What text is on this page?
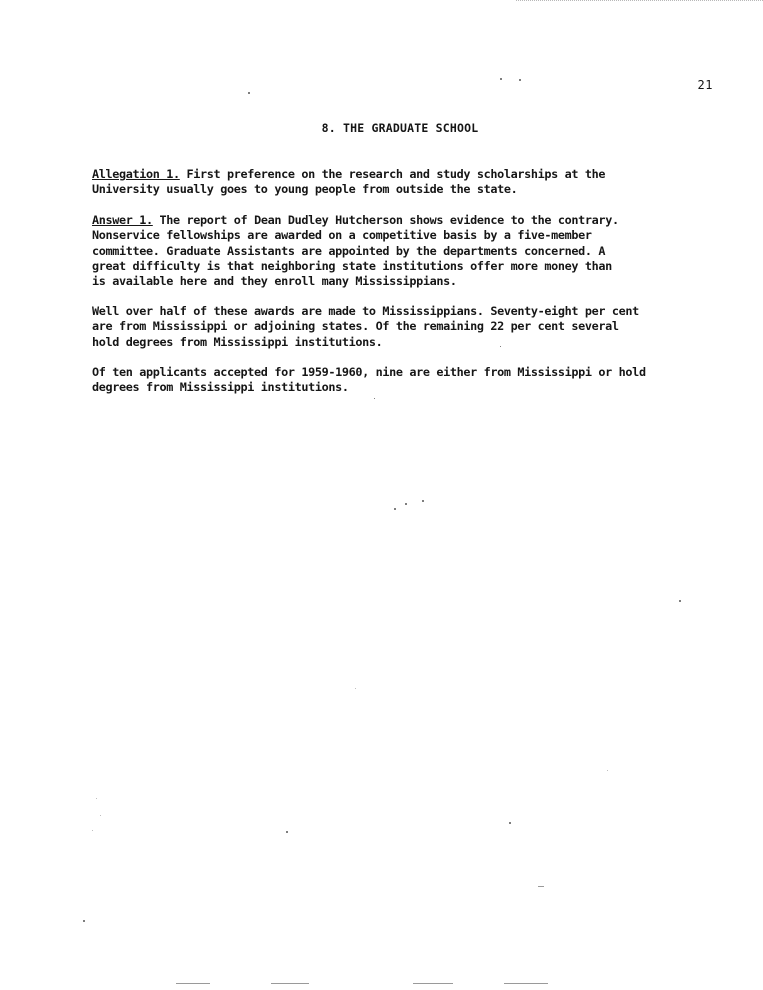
21
8. THE GRADUATE SCHOOL
Allegation 1. First preference on the research and study scholarships at the
University usually goes to young people from outside the state.
Answer 1. The report of Dean Dudley Hutcherson shows evidence to the contrary.
Nonservice fellowships are awarded on a competitive basis by a five-member
committee. Graduate Assistants are appointed by the departments concerned. A
great difficulty is that neighboring state institutions offer more money than
is available here and they enroll many Mississippians.
Well over half of these awards are made to Mississippians. Seventy-eight per cent
are from Mississippi or adjoining states. Of the remaining 22 per cent several
hold degrees from Mississippi institutions.
Of ten applicants accepted for 1959-1960, nine are either from Mississippi or hold
degrees from Mississippi institutions.
